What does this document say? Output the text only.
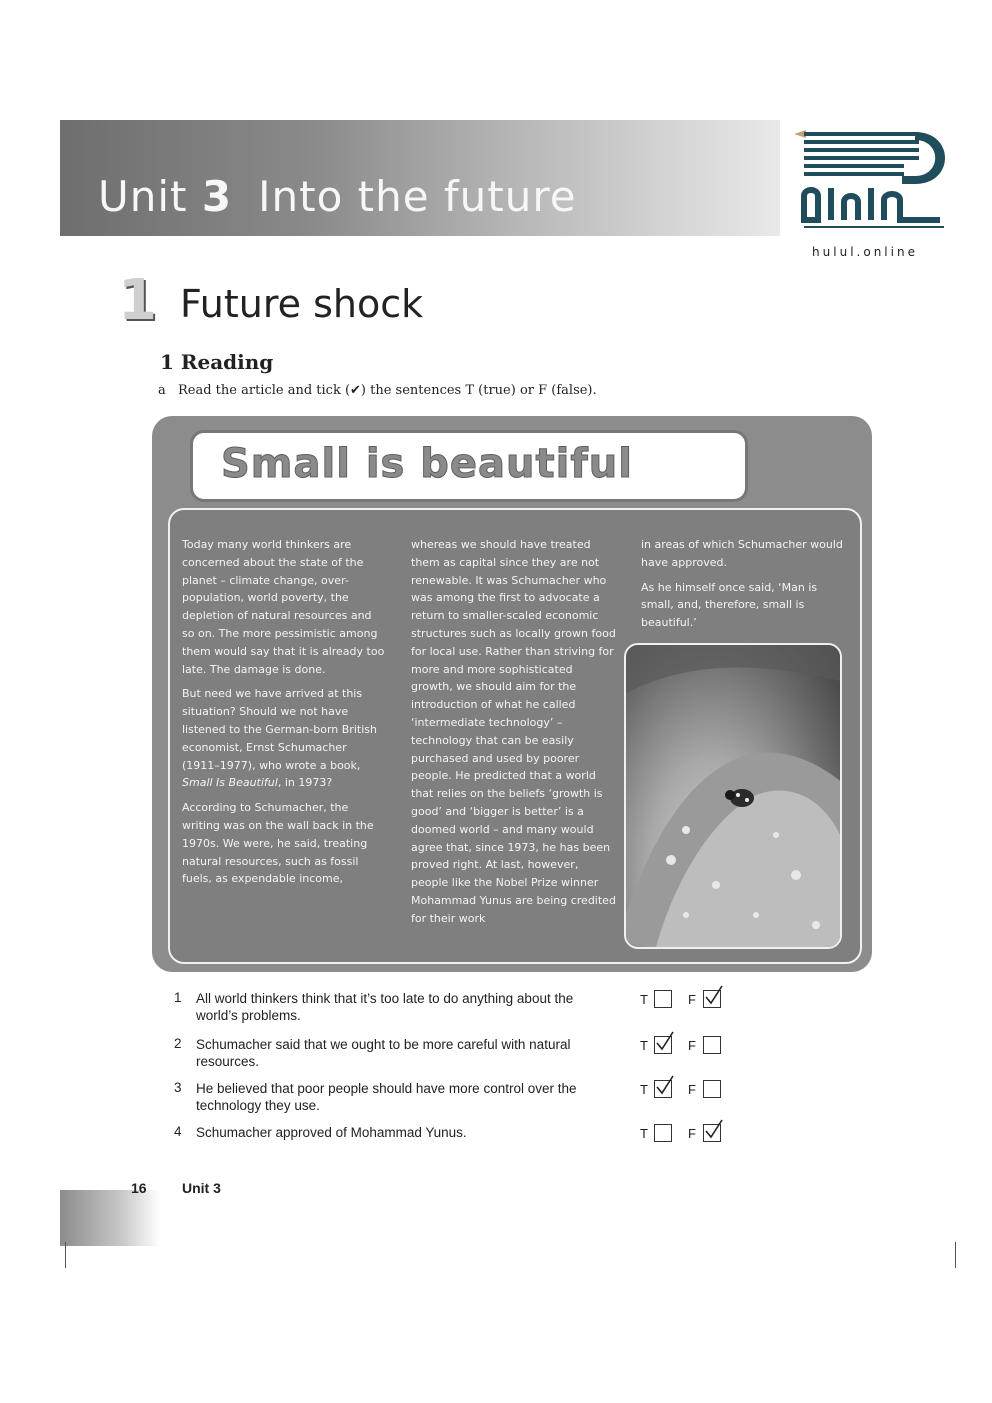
Unit 3 Into the future
hulul.online
1 Future shock
1 Reading

a Read the article and tick (✔) the sentences T (true) or F (false).

Small is beautiful

Today many world thinkers are concerned about the state of the planet – climate change, over-population, world poverty, the depletion of natural resources and so on. The more pessimistic among them would say that it is already too late. The damage is done.

But need we have arrived at this situation? Should we not have listened to the German-born British economist, Ernst Schumacher (1911–1977), who wrote a book, Small Is Beautiful, in 1973?

According to Schumacher, the writing was on the wall back in the 1970s. We were, he said, treating natural resources, such as fossil fuels, as expendable income,

whereas we should have treated them as capital since they are not renewable. It was Schumacher who was among the first to advocate a return to smaller-scaled economic structures such as locally grown food for local use. Rather than striving for more and more sophisticated growth, we should aim for the introduction of what he called ‘intermediate technology’ – technology that can be easily purchased and used by poorer people. He predicted that a world that relies on the beliefs ‘growth is good’ and ‘bigger is better’ is a doomed world – and many would agree that, since 1973, he has been proved right. At last, however, people like the Nobel Prize winner Mohammad Yunus are being credited for their work

in areas of which Schumacher would have approved.

As he himself once said, ‘Man is small, and, therefore, small is beautiful.’

1 All world thinkers think that it’s too late to do anything about the world’s problems.
T	F
2 Schumacher said that we ought to be more careful with natural resources.
T	F
3 He believed that poor people should have more control over the technology they use.
T	F
4 Schumacher approved of Mohammad Yunus.	T	F
16	Unit 3
